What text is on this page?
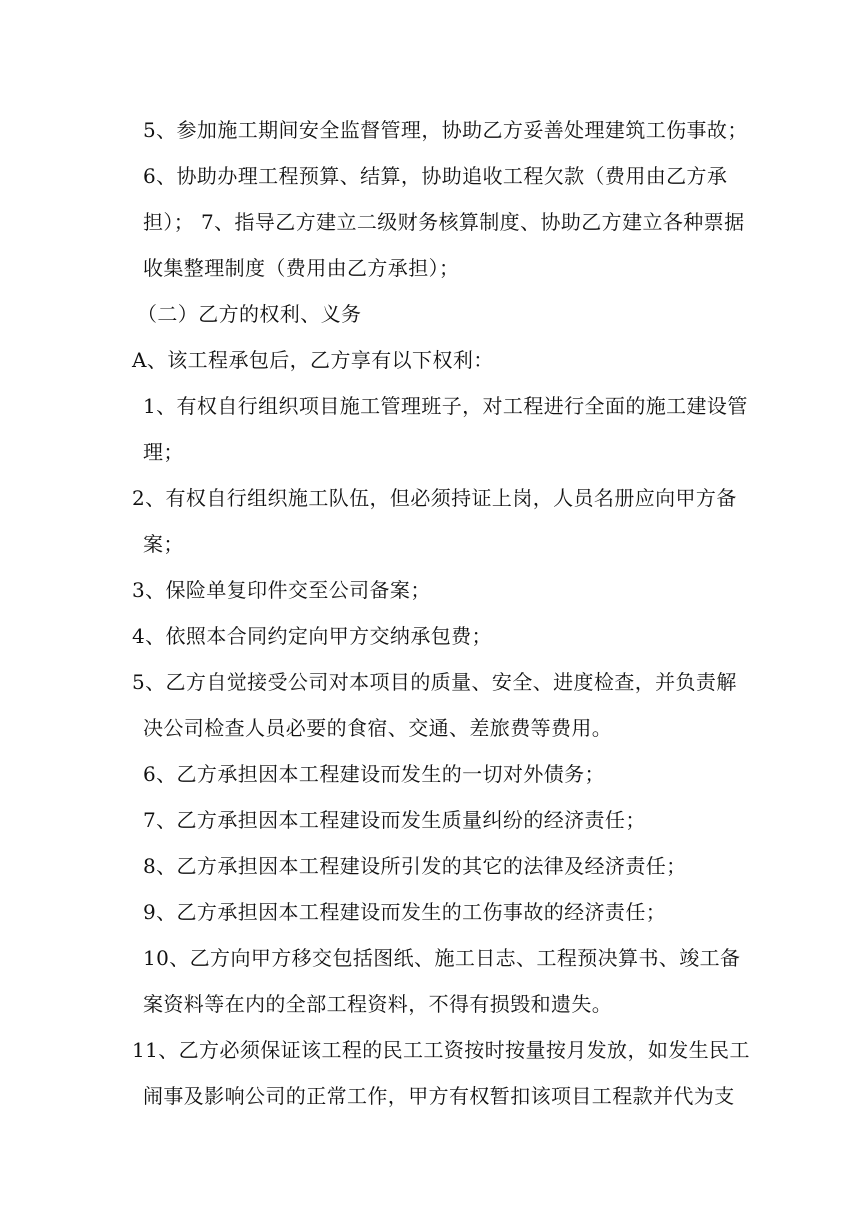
5、参加施工期间安全监督管理，协助乙方妥善处理建筑工伤事故；
6、协助办理工程预算、结算，协助追收工程欠款（费用由乙方承
担）； 7、指导乙方建立二级财务核算制度、协助乙方建立各种票据
收集整理制度（费用由乙方承担）；
（二）乙方的权利、义务
A、该工程承包后，乙方享有以下权利：
1、有权自行组织项目施工管理班子，对工程进行全面的施工建设管
理；
2、有权自行组织施工队伍，但必须持证上岗，人员名册应向甲方备
案；
3、保险单复印件交至公司备案；
4、依照本合同约定向甲方交纳承包费；
5、乙方自觉接受公司对本项目的质量、安全、进度检查，并负责解
决公司检查人员必要的食宿、交通、差旅费等费用。
6、乙方承担因本工程建设而发生的一切对外债务；
7、乙方承担因本工程建设而发生质量纠纷的经济责任；
8、乙方承担因本工程建设所引发的其它的法律及经济责任；
9、乙方承担因本工程建设而发生的工伤事故的经济责任；
10、乙方向甲方移交包括图纸、施工日志、工程预决算书、竣工备
案资料等在内的全部工程资料，不得有损毁和遗失。
11、乙方必须保证该工程的民工工资按时按量按月发放，如发生民工
闹事及影响公司的正常工作，甲方有权暂扣该项目工程款并代为支
